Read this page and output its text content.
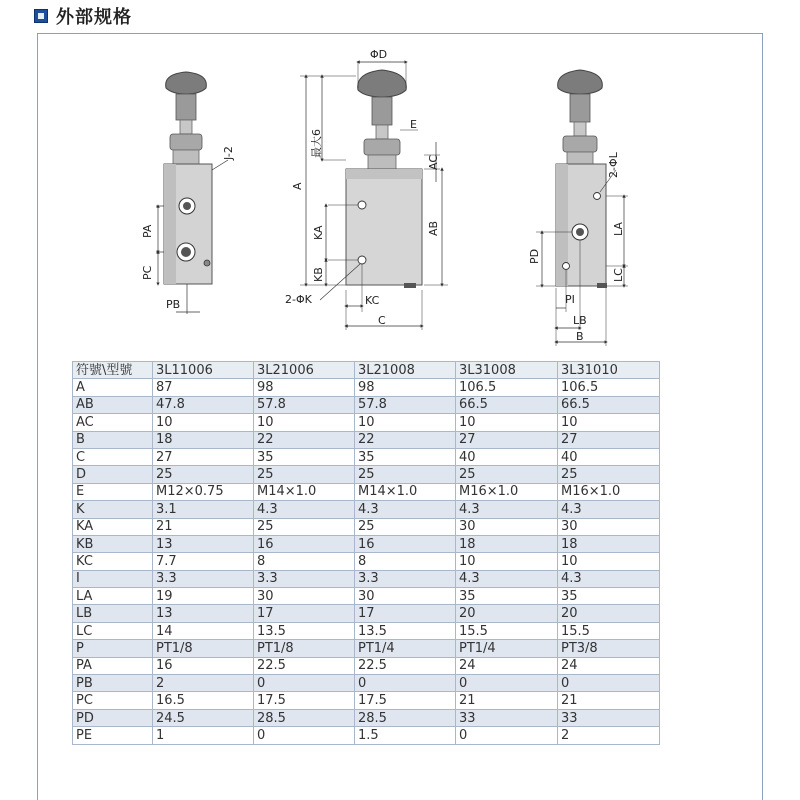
外部规格
J-2
PA
PC
PB
ΦD
最大6
E
AC
A
KA	AB
KB
2-ΦK	KC
C
2-ΦL
LA
PD
LC
PI
LB
B
符號\型號	3L11006	3L21006	3L21008	3L31008	3L31010
A	87	98	98	106.5	106.5
AB	47.8	57.8	57.8	66.5	66.5
AC	10	10	10	10	10
B	18	22	22	27	27
C	27	35	35	40	40
D	25	25	25	25	25
E	M12×0.75	M14×1.0	M14×1.0	M16×1.0	M16×1.0
K	3.1	4.3	4.3	4.3	4.3
KA	21	25	25	30	30
KB	13	16	16	18	18
KC	7.7	8	8	10	10
I	3.3	3.3	3.3	4.3	4.3
LA	19	30	30	35	35
LB	13	17	17	20	20
LC	14	13.5	13.5	15.5	15.5
P	PT1/8	PT1/8	PT1/4	PT1/4	PT3/8
PA	16	22.5	22.5	24	24
PB	2	0	0	0	0
PC	16.5	17.5	17.5	21	21
PD	24.5	28.5	28.5	33	33
PE	1	0	1.5	0	2
